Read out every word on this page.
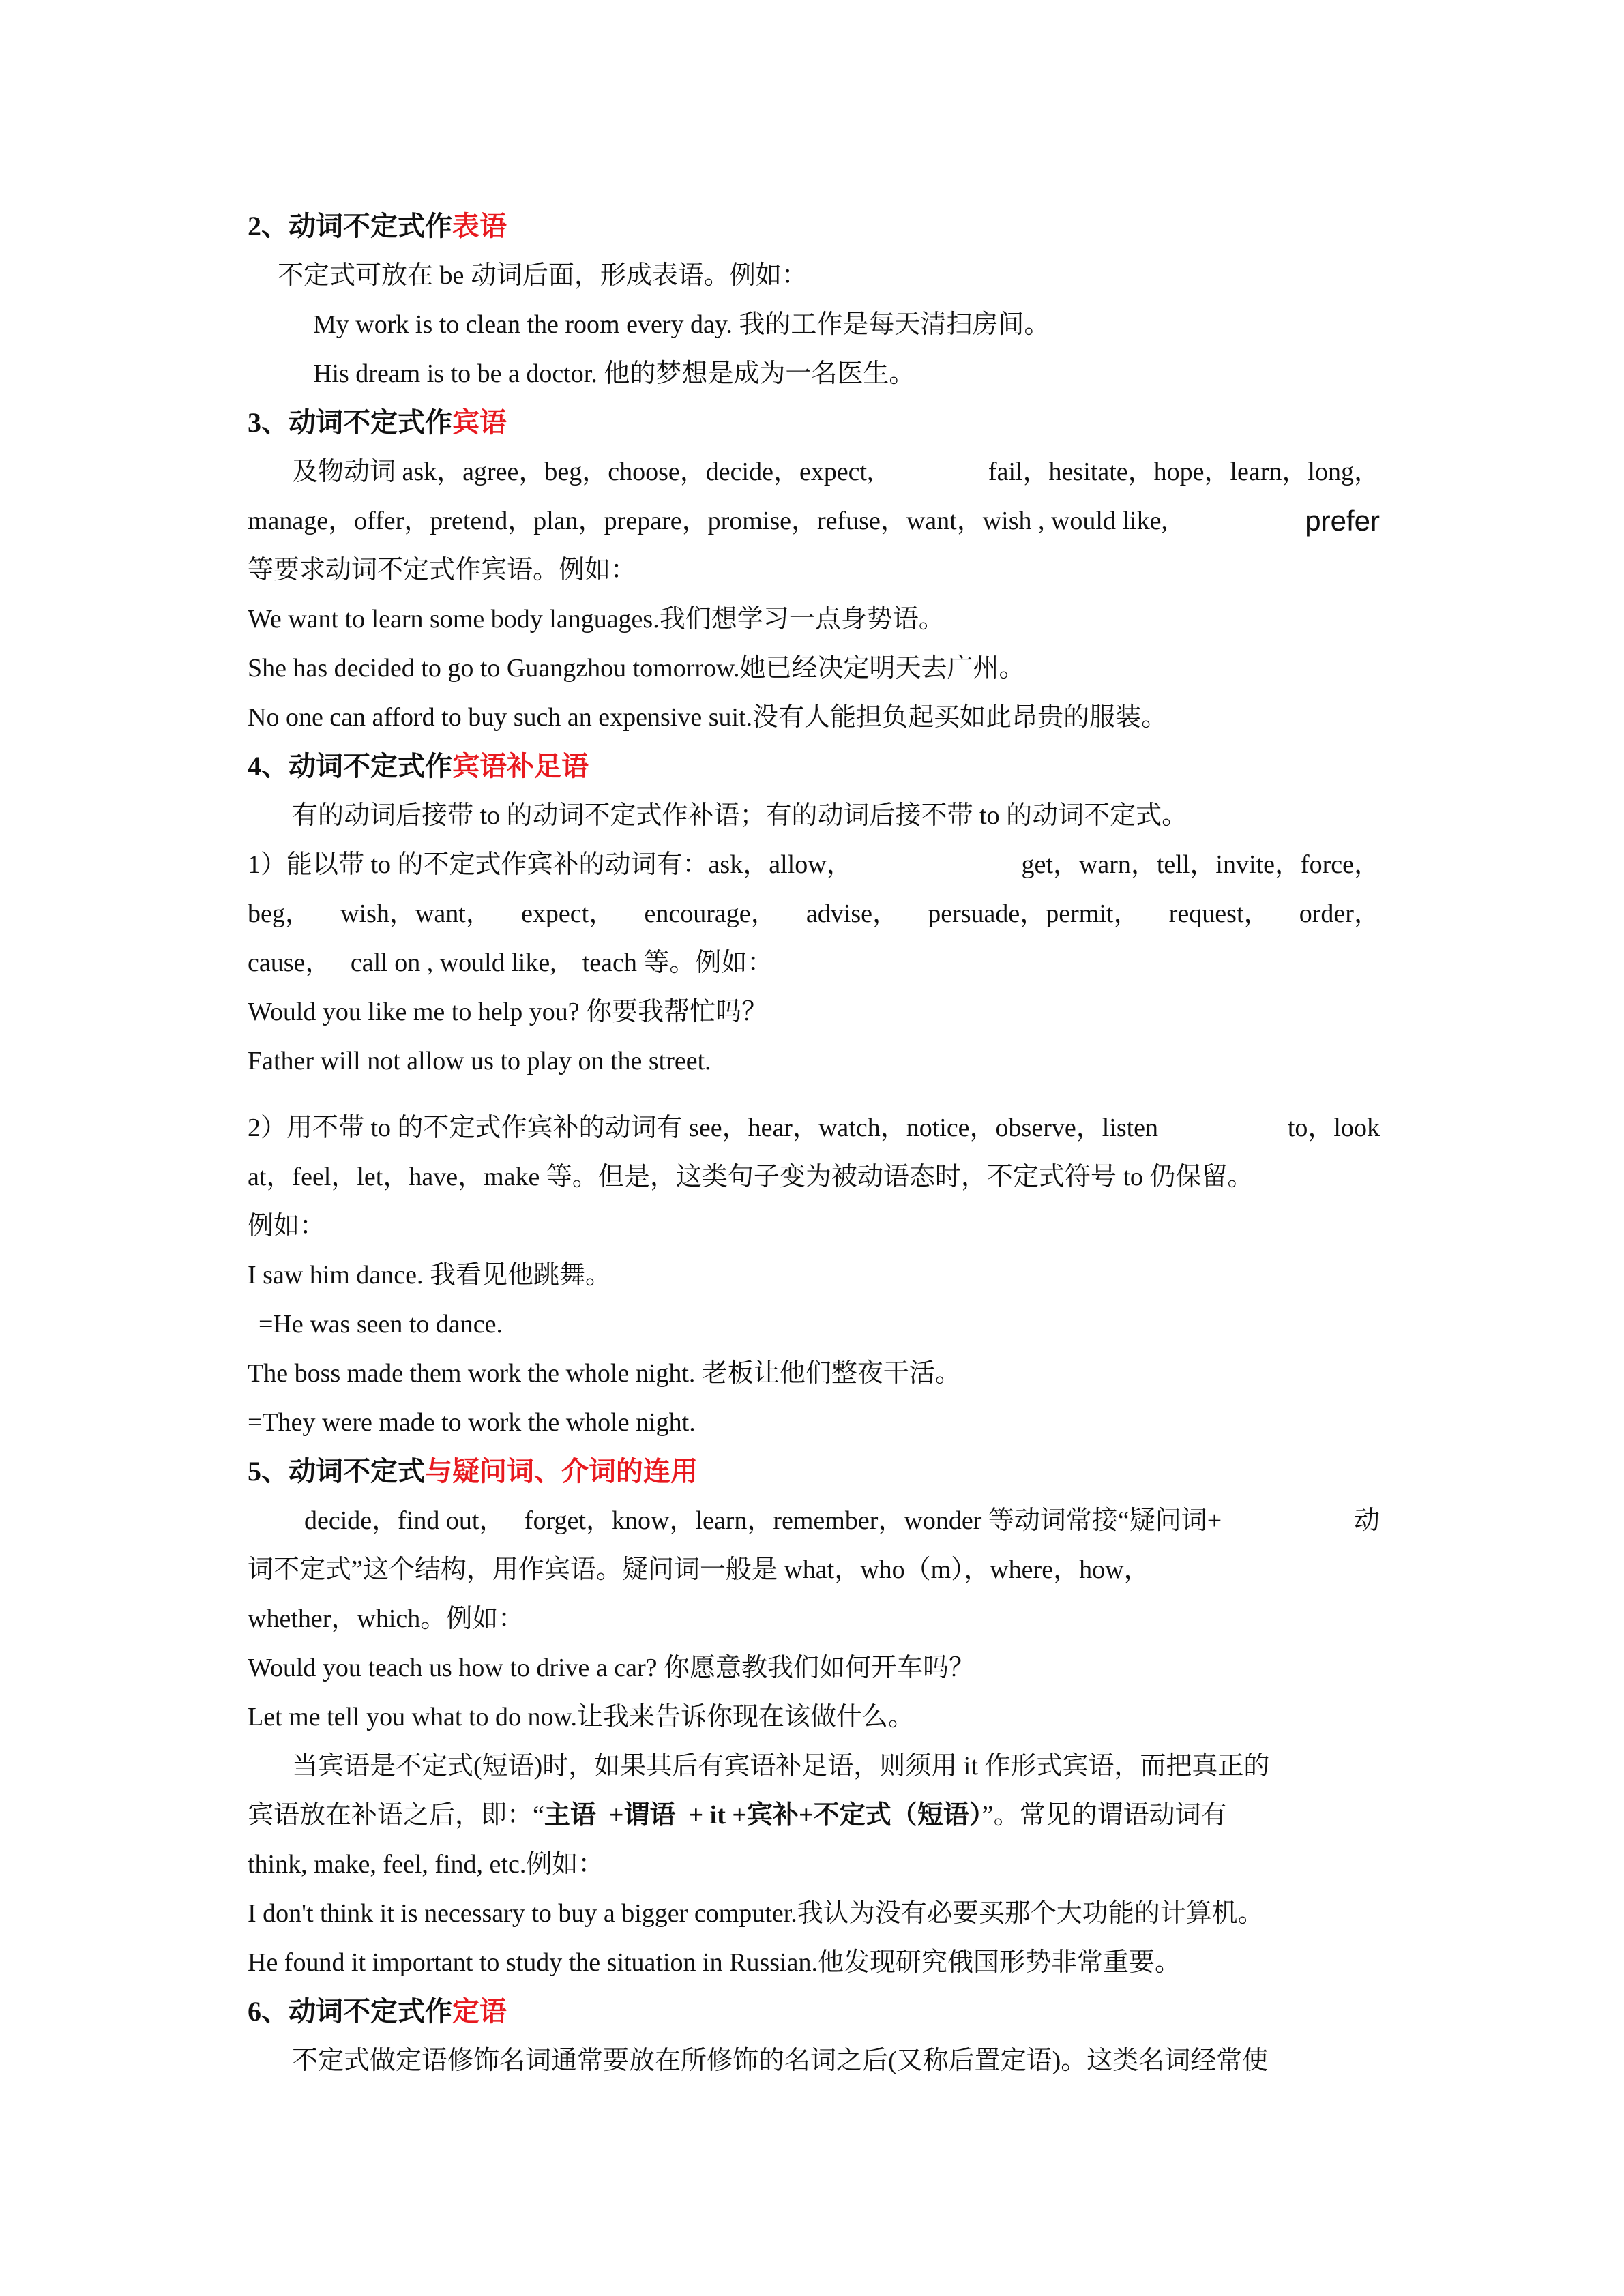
2、动词不定式作表语
不定式可放在 be 动词后面，形成表语。例如：
My work is to clean the room every day. 我的工作是每天清扫房间。
His dream is to be a doctor. 他的梦想是成为一名医生。
3、动词不定式作宾语
及物动词 ask，agree，beg，choose，decide，expect,	fail，hesitate，hope，learn，long，
manage，offer，pretend，plan，prepare，promise，refuse，want，wish , would like,	prefer
等要求动词不定式作宾语。例如：
We want to learn some body languages.我们想学习一点身势语。
She has decided to go to Guangzhou tomorrow.她已经决定明天去广州。
No one can afford to buy such an expensive suit.没有人能担负起买如此昂贵的服装。
4、动词不定式作宾语补足语
有的动词后接带 to 的动词不定式作补语；有的动词后接不带 to 的动词不定式。
1）能以带 to 的不定式作宾补的动词有：ask，allow，	get，warn，tell，invite，force，
beg， wish，want， expect， encourage， advise， persuade，permit， request， order，
cause，   call on , would like,    teach 等。例如：
Would you like me to help you? 你要我帮忙吗？
Father will not allow us to play on the street.
2）用不带 to 的不定式作宾补的动词有 see，hear，watch，notice，observe，listen	to，look
at，feel，let，have，make 等。但是，这类句子变为被动语态时，不定式符号 to 仍保留。
例如：
I saw him dance. 我看见他跳舞。
=He was seen to dance.
The boss made them work the whole night. 老板让他们整夜干活。
=They were made to work the whole night.
5、动词不定式与疑问词、介词的连用
decide，find out，   forget，know，learn，remember，wonder 等动词常接“疑问词+	动
词不定式”这个结构，用作宾语。疑问词一般是 what，who（m），where，how，
whether，which。例如：
Would you teach us how to drive a car? 你愿意教我们如何开车吗？
Let me tell you what to do now.让我来告诉你现在该做什么。
当宾语是不定式(短语)时，如果其后有宾语补足语，则须用 it 作形式宾语，而把真正的
宾语放在补语之后，即：“主语  +谓语  + it +宾补+不定式（短语）”。常见的谓语动词有
think, make, feel, find, etc.例如：
I don't think it is necessary to buy a bigger computer.我认为没有必要买那个大功能的计算机。
He found it important to study the situation in Russian.他发现研究俄国形势非常重要。
6、动词不定式作定语
不定式做定语修饰名词通常要放在所修饰的名词之后(又称后置定语)。这类名词经常使
